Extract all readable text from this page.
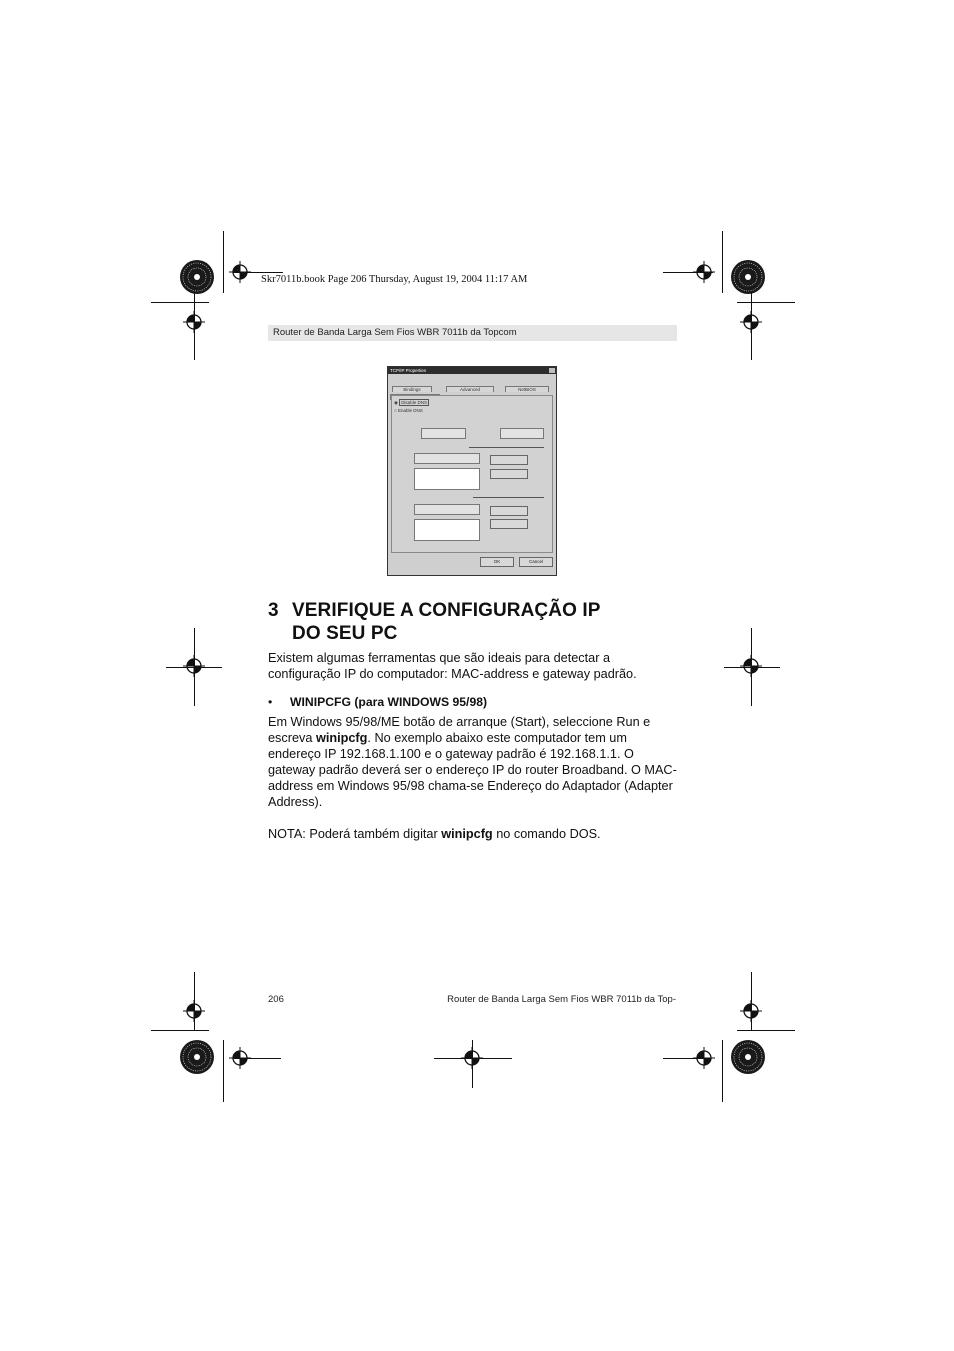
Skr7011b.book Page 206 Thursday, August 19, 2004 11:17 AM
Router de Banda Larga Sem Fios WBR 7011b da Topcom
TCP/IP Properties
Bindings	Advanced	NetBIOS
◉ Disable DNS
○ Enable DNS
OK	Cancel
3 VERIFIQUE A CONFIGURAÇÃO IP
DO SEU PC
Existem algumas ferramentas que são ideais para detectar a configuração IP do computador: MAC-address e gateway padrão.
• WINIPCFG (para WINDOWS 95/98)
Em Windows 95/98/ME botão de arranque (Start), seleccione Run e escreva winipcfg. No exemplo abaixo este computador tem um endereço IP 192.168.1.100 e o gateway padrão é 192.168.1.1. O gateway padrão deverá ser o endereço IP do router Broadband. O MAC-address em Windows 95/98 chama-se Endereço do Adaptador (Adapter Address).
NOTA: Poderá também digitar winipcfg no comando DOS.
206	Router de Banda Larga Sem Fios WBR 7011b da Top-
